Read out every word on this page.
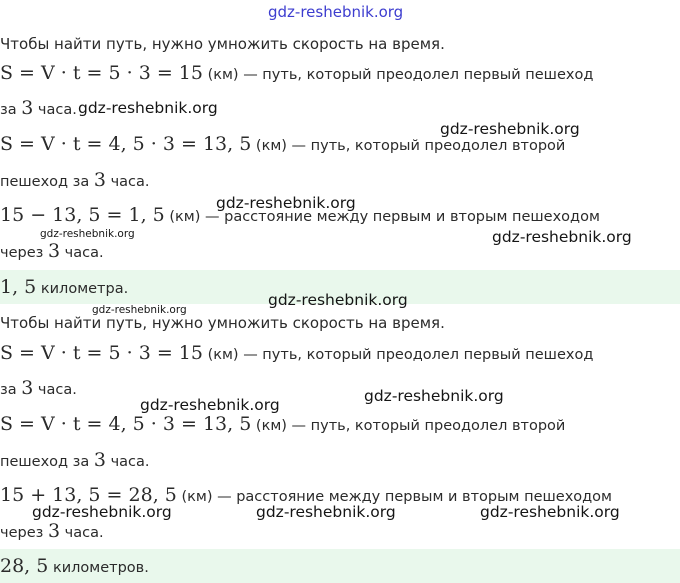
gdz-reshebnik.org
Чтобы найти путь, нужно умножить скорость на время.
S = V · t = 5 · 3 = 15 (км) — путь, который преодолел первый пешеход
за 3 часа.
S = V · t = 4, 5 · 3 = 13, 5 (км) — путь, который преодолел второй
пешеход за 3 часа.
15 − 13, 5 = 1, 5 (км) — расстояние между первым и вторым пешеходом
через 3 часа.
1, 5 километра.
Чтобы найти путь, нужно умножить скорость на время.
S = V · t = 5 · 3 = 15 (км) — путь, который преодолел первый пешеход
за 3 часа.
S = V · t = 4, 5 · 3 = 13, 5 (км) — путь, который преодолел второй
пешеход за 3 часа.
15 + 13, 5 = 28, 5 (км) — расстояние между первым и вторым пешеходом
через 3 часа.
28, 5 километров.
gdz-reshebnik.org
gdz-reshebnik.org
gdz-reshebnik.org
gdz-reshebnik.org	gdz-reshebnik.org
gdz-reshebnik.org
gdz-reshebnik.org
gdz-reshebnik.org
gdz-reshebnik.org
gdz-reshebnik.org	gdz-reshebnik.org	gdz-reshebnik.org
